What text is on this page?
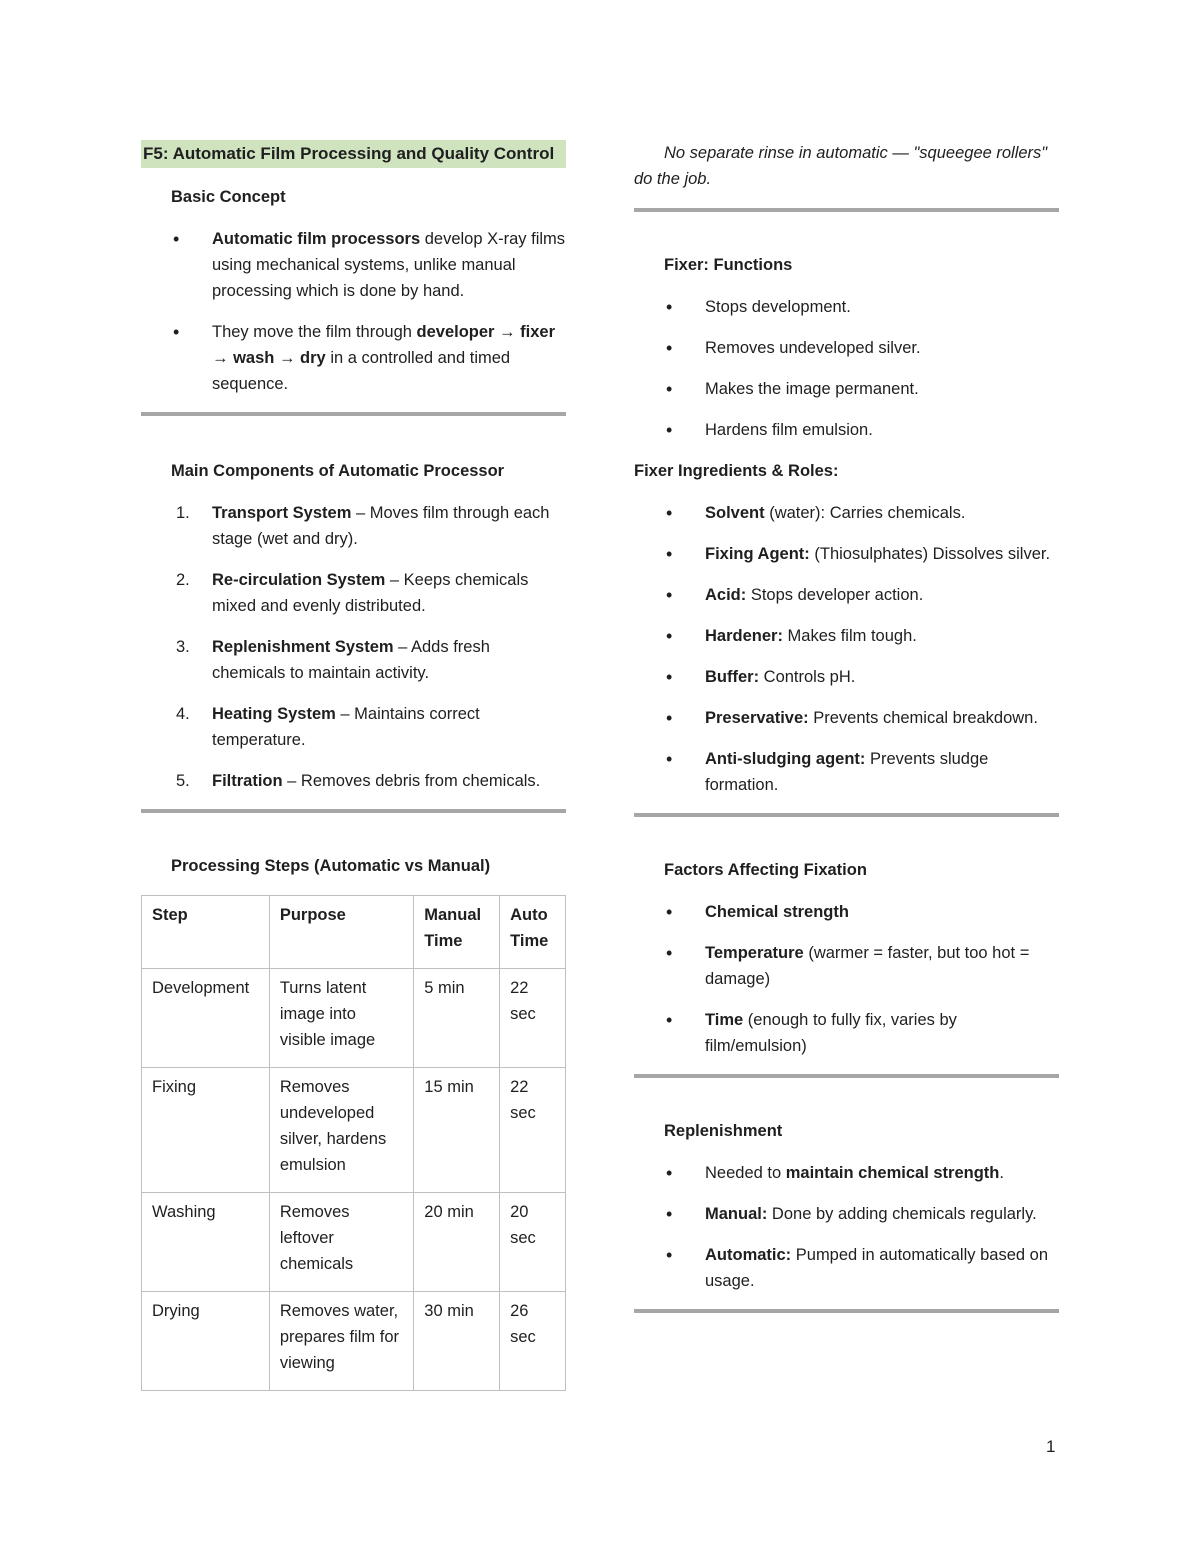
F5: Automatic Film Processing and Quality Control
Basic Concept
• Automatic film processors develop X-ray films using mechanical systems, unlike manual processing which is done by hand.
• They move the film through developer → fixer → wash → dry in a controlled and timed sequence.
Main Components of Automatic Processor
1. Transport System – Moves film through each stage (wet and dry).
2. Re-circulation System – Keeps chemicals mixed and evenly distributed.
3. Replenishment System – Adds fresh chemicals to maintain activity.
4. Heating System – Maintains correct temperature.
5. Filtration – Removes debris from chemicals.
Processing Steps (Automatic vs Manual)
Step	Purpose	Manual Time	Auto Time
Development	Turns latent image into visible image	5 min	22 sec
Fixing	Removes undeveloped silver, hardens emulsion	15 min	22 sec
Washing	Removes leftover chemicals	20 min	20 sec
Drying	Removes water, prepares film for viewing	30 min	26 sec
No separate rinse in automatic — "squeegee rollers" do the job.
Fixer: Functions
• Stops development.
• Removes undeveloped silver.
• Makes the image permanent.
• Hardens film emulsion.
Fixer Ingredients & Roles:
• Solvent (water): Carries chemicals.
• Fixing Agent: (Thiosulphates) Dissolves silver.
• Acid: Stops developer action.
• Hardener: Makes film tough.
• Buffer: Controls pH.
• Preservative: Prevents chemical breakdown.
• Anti-sludging agent: Prevents sludge formation.
Factors Affecting Fixation
• Chemical strength
• Temperature (warmer = faster, but too hot = damage)
• Time (enough to fully fix, varies by film/emulsion)
Replenishment
• Needed to maintain chemical strength.
• Manual: Done by adding chemicals regularly.
• Automatic: Pumped in automatically based on usage.
1
